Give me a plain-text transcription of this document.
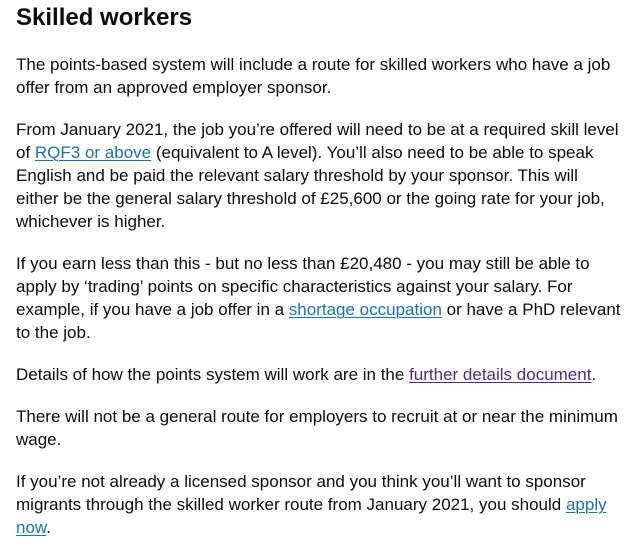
Skilled workers

The points-based system will include a route for skilled workers who have a job offer from an approved employer sponsor.

From January 2021, the job you’re offered will need to be at a required skill level of RQF3 or above (equivalent to A level). You’ll also need to be able to speak English and be paid the relevant salary threshold by your sponsor. This will either be the general salary threshold of £25,600 or the going rate for your job, whichever is higher.

If you earn less than this - but no less than £20,480 - you may still be able to apply by ‘trading’ points on specific characteristics against your salary. For example, if you have a job offer in a shortage occupation or have a PhD relevant to the job.

Details of how the points system will work are in the further details document.

There will not be a general route for employers to recruit at or near the minimum wage.

If you’re not already a licensed sponsor and you think you’ll want to sponsor migrants through the skilled worker route from January 2021, you should apply now.
